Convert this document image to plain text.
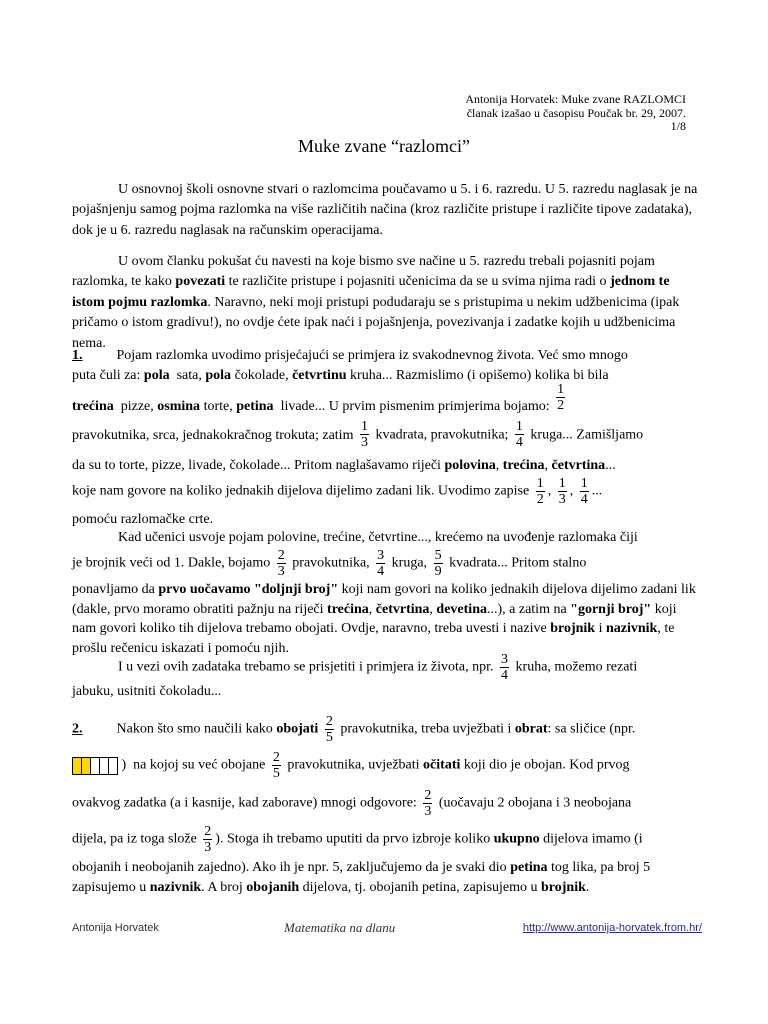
Antonija Horvatek: Muke zvane RAZLOMCI
članak izašao u časopisu Poučak br. 29, 2007.
1/8
Muke zvane “razlomci”
U osnovnoj školi osnovne stvari o razlomcima poučavamo u 5. i 6. razredu. U 5. razredu naglasak je na pojašnjenju samog pojma razlomka na više različitih načina (kroz različite pristupe i različite tipove zadataka), dok je u 6. razredu naglasak na računskim operacijama.
U ovom članku pokušat ću navesti na koje bismo sve načine u 5. razredu trebali pojasniti pojam razlomka, te kako povezati te različite pristupe i pojasniti učenicima da se u svima njima radi o jednom te istom pojmu razlomka. Naravno, neki moji pristupi podudaraju se s pristupima u nekim udžbenicima (ipak pričamo o istom gradivu!), no ovdje ćete ipak naći i pojašnjenja, povezivanja i zadatke kojih u udžbenicima nema.
1. Pojam razlomka uvodimo prisjećajući se primjera iz svakodnevnog života. Već smo mnogo
puta čuli za: pola  sata, pola čokolade, četvrtinu kruha... Razmislimo (i opišemo) kolika bi bila
trećina  pizze, osmina torte, petina  livade... U prvim pismenim primjerima bojamo: $\frac{1}{2}$
pravokutnika, srca, jednakokračnog trokuta; zatim $\frac{1}{3}$ kvadrata, pravokutnika; $\frac{1}{4}$ kruga... Zamišljamo
da su to torte, pizze, livade, čokolade... Pritom naglašavamo riječi polovina, trećina, četvrtina...
koje nam govore na koliko jednakih dijelova dijelimo zadani lik. Uvodimo zapise $\frac{1}{2}$ , $\frac{1}{3}$ , $\frac{1}{4}$ ...
pomoću razlomačke crte.
Kad učenici usvoje pojam polovine, trećine, četvrtine..., krećemo na uvođenje razlomaka čiji
je brojnik veći od 1. Dakle, bojamo $\frac{2}{3}$ pravokutnika, $\frac{3}{4}$ kruga, $\frac{5}{9}$ kvadrata... Pritom stalno
ponavljamo da prvo uočavamo "doljnji broj" koji nam govori na koliko jednakih dijelova dijelimo zadani lik (dakle, prvo moramo obratiti pažnju na riječi trećina, četvrtina, devetina...), a zatim na "gornji broj" koji nam govori koliko tih dijelova trebamo obojati. Ovdje, naravno, treba uvesti i nazive brojnik i nazivnik, te prošlu rečenicu iskazati i pomoću njih.
I u vezi ovih zadataka trebamo se prisjetiti i primjera iz života, npr. $\frac{3}{4}$ kruha, možemo rezati
jabuku, usitniti čokoladu...
2. Nakon što smo naučili kako obojati $\frac{2}{5}$ pravokutnika, treba uvježbati i obrat: sa sličice (npr.
)  na kojoj su već obojane $\frac{2}{5}$ pravokutnika, uvježbati očitati koji dio je obojan. Kod prvog
ovakvog zadatka (a i kasnije, kad zaborave) mnogi odgovore: $\frac{2}{3}$ (uočavaju 2 obojana i 3 neobojana
dijela, pa iz toga slože $\frac{2}{3}$ ). Stoga ih trebamo uputiti da prvo izbroje koliko ukupno dijelova imamo (i
obojanih i neobojanih zajedno). Ako ih je npr. 5, zaključujemo da je svaki dio petina tog lika, pa broj 5 zapisujemo u nazivnik. A broj obojanih dijelova, tj. obojanih petina, zapisujemo u brojnik.
Antonija Horvatek	Matematika na dlanu	http://www.antonija-horvatek.from.hr/
